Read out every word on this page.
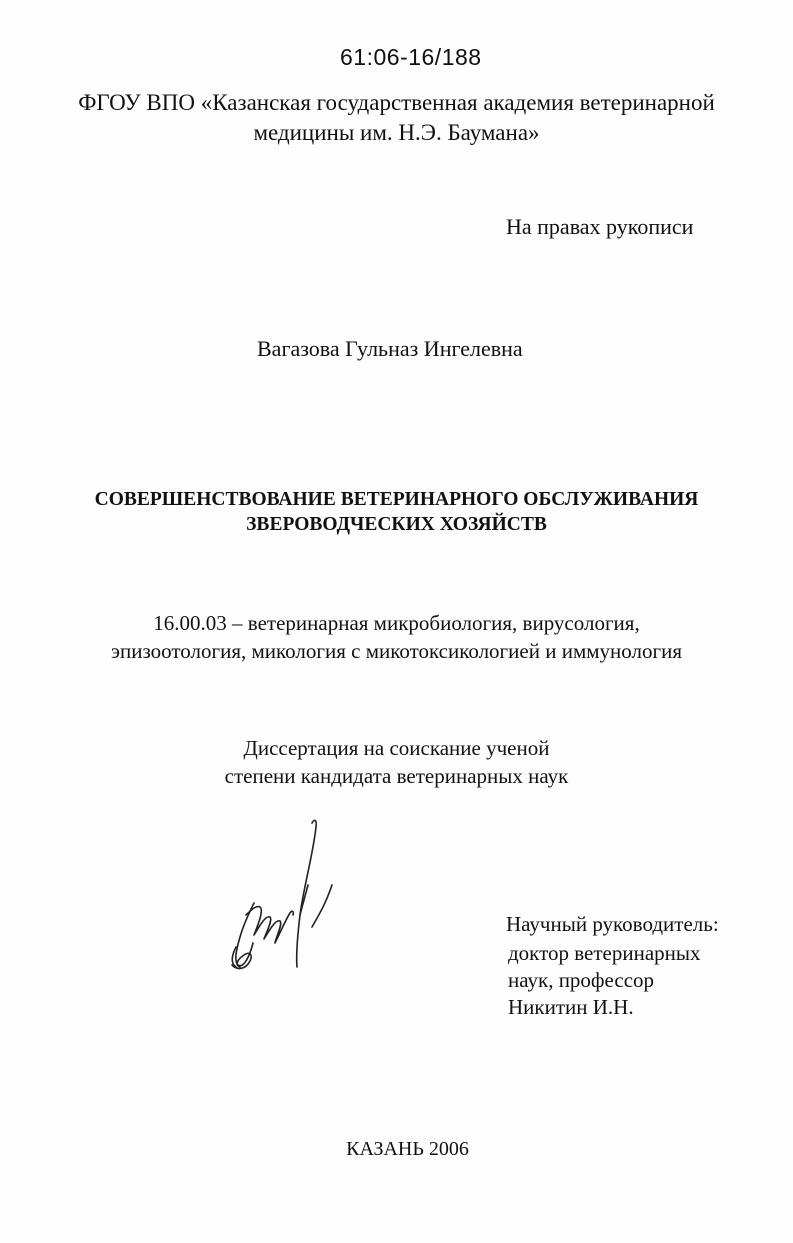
61:06-16/188
ФГОУ ВПО «Казанская государственная академия ветеринарной
медицины им. Н.Э. Баумана»
На правах рукописи
Вагазова Гульназ Ингелевна
СОВЕРШЕНСТВОВАНИЕ ВЕТЕРИНАРНОГО ОБСЛУЖИВАНИЯ
ЗВЕРОВОДЧЕСКИХ ХОЗЯЙСТВ
16.00.03 – ветеринарная микробиология, вирусология,
эпизоотология, микология с микотоксикологией и иммунология
Диссертация на соискание ученой
степени кандидата ветеринарных наук
Научный руководитель:
доктор ветеринарных
наук, профессор
Никитин И.Н.
КАЗАНЬ 2006
